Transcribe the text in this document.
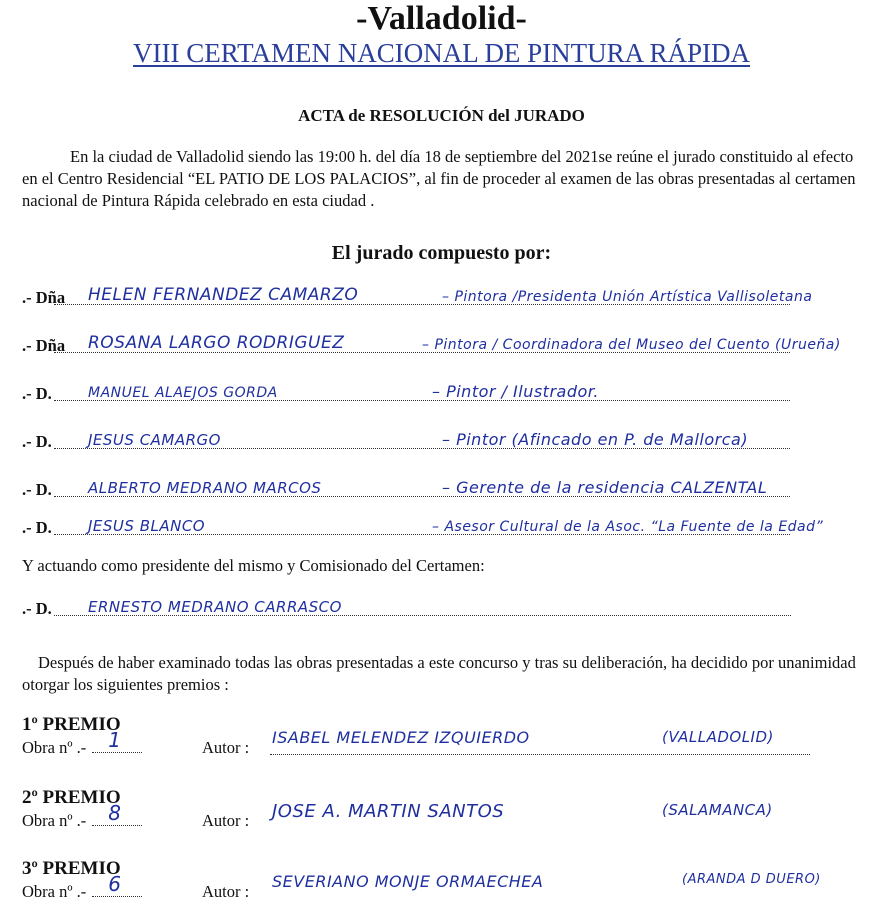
-Valladolid-
VIII CERTAMEN NACIONAL DE PINTURA RÁPIDA
ACTA de RESOLUCIÓN del JURADO

En la ciudad de Valladolid siendo las 19:00 h. del día 18 de septiembre del 2021se reúne el jurado constituido al efecto en el Centro Residencial “EL PATIO DE LOS PALACIOS”, al fin de proceder al examen de las obras presentadas al certamen nacional de Pintura Rápida celebrado en esta ciudad .

El jurado compuesto por:
.- Dña HELEN FERNANDEZ CAMARZO	– Pintora /Presidenta Unión Artística Vallisoletana
.- Dña ROSANA LARGO RODRIGUEZ	– Pintora / Coordinadora del Museo del Cuento (Urueña)
.- D.	MANUEL ALAEJOS GORDA	– Pintor / Ilustrador.
.- D. JESUS CAMARGO	– Pintor (Afincado en P. de Mallorca)
.- D. ALBERTO MEDRANO MARCOS	– Gerente de la residencia CALZENTAL
.- D. JESUS BLANCO	– Asesor Cultural de la Asoc. “La Fuente de la Edad”
Y actuando como presidente del mismo y Comisionado del Certamen:
.- D. ERNESTO MEDRANO CARRASCO

Después de haber examinado todas las obras presentadas a este concurso y tras su deliberación, ha decidido por unanimidad otorgar los siguientes premios :

1º PREMIO
Obra nº .- 1	Autor :
ISABEL MELENDEZ IZQUIERDO	(VALLADOLID)
2º PREMIO
Obra nº .- 8	Autor : JOSE A. MARTIN SANTOS	(SALAMANCA)
3º PREMIO
Obra nº .- 6	Autor :
SEVERIANO MONJE ORMAECHEA	(ARANDA D DUERO)
